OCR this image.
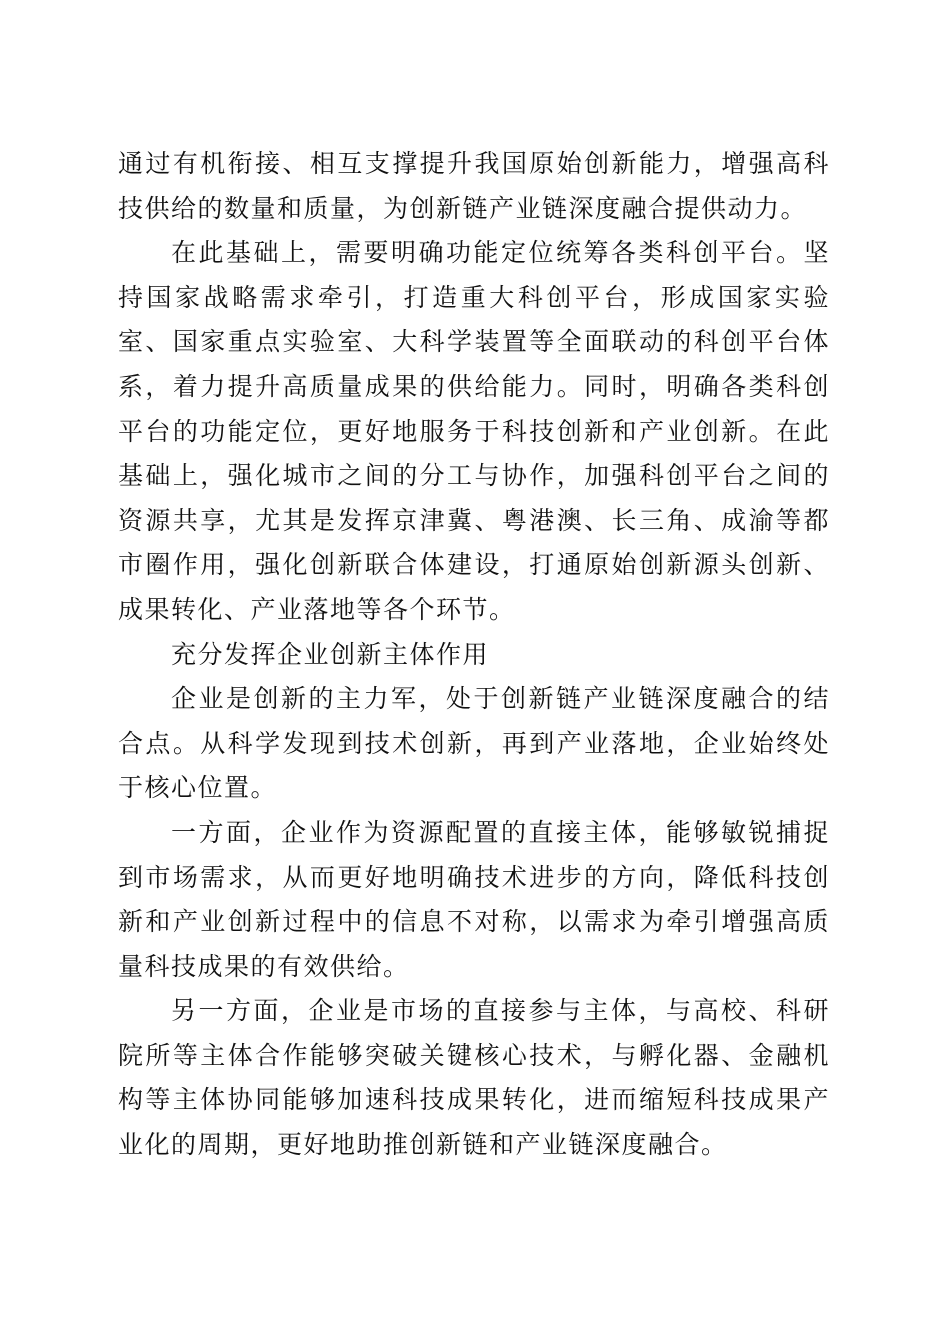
通过有机衔接、相互支撑提升我国原始创新能力，增强高科技供给的数量和质量，为创新链产业链深度融合提供动力。

在此基础上，需要明确功能定位统筹各类科创平台。坚持国家战略需求牵引，打造重大科创平台，形成国家实验室、国家重点实验室、大科学装置等全面联动的科创平台体系，着力提升高质量成果的供给能力。同时，明确各类科创平台的功能定位，更好地服务于科技创新和产业创新。在此基础上，强化城市之间的分工与协作，加强科创平台之间的资源共享，尤其是发挥京津冀、粤港澳、长三角、成渝等都市圈作用，强化创新联合体建设，打通原始创新源头创新、成果转化、产业落地等各个环节。

充分发挥企业创新主体作用

企业是创新的主力军，处于创新链产业链深度融合的结合点。从科学发现到技术创新，再到产业落地，企业始终处于核心位置。

一方面，企业作为资源配置的直接主体，能够敏锐捕捉到市场需求，从而更好地明确技术进步的方向，降低科技创新和产业创新过程中的信息不对称，以需求为牵引增强高质量科技成果的有效供给。

另一方面，企业是市场的直接参与主体，与高校、科研院所等主体合作能够突破关键核心技术，与孵化器、金融机构等主体协同能够加速科技成果转化，进而缩短科技成果产业化的周期，更好地助推创新链和产业链深度融合。
